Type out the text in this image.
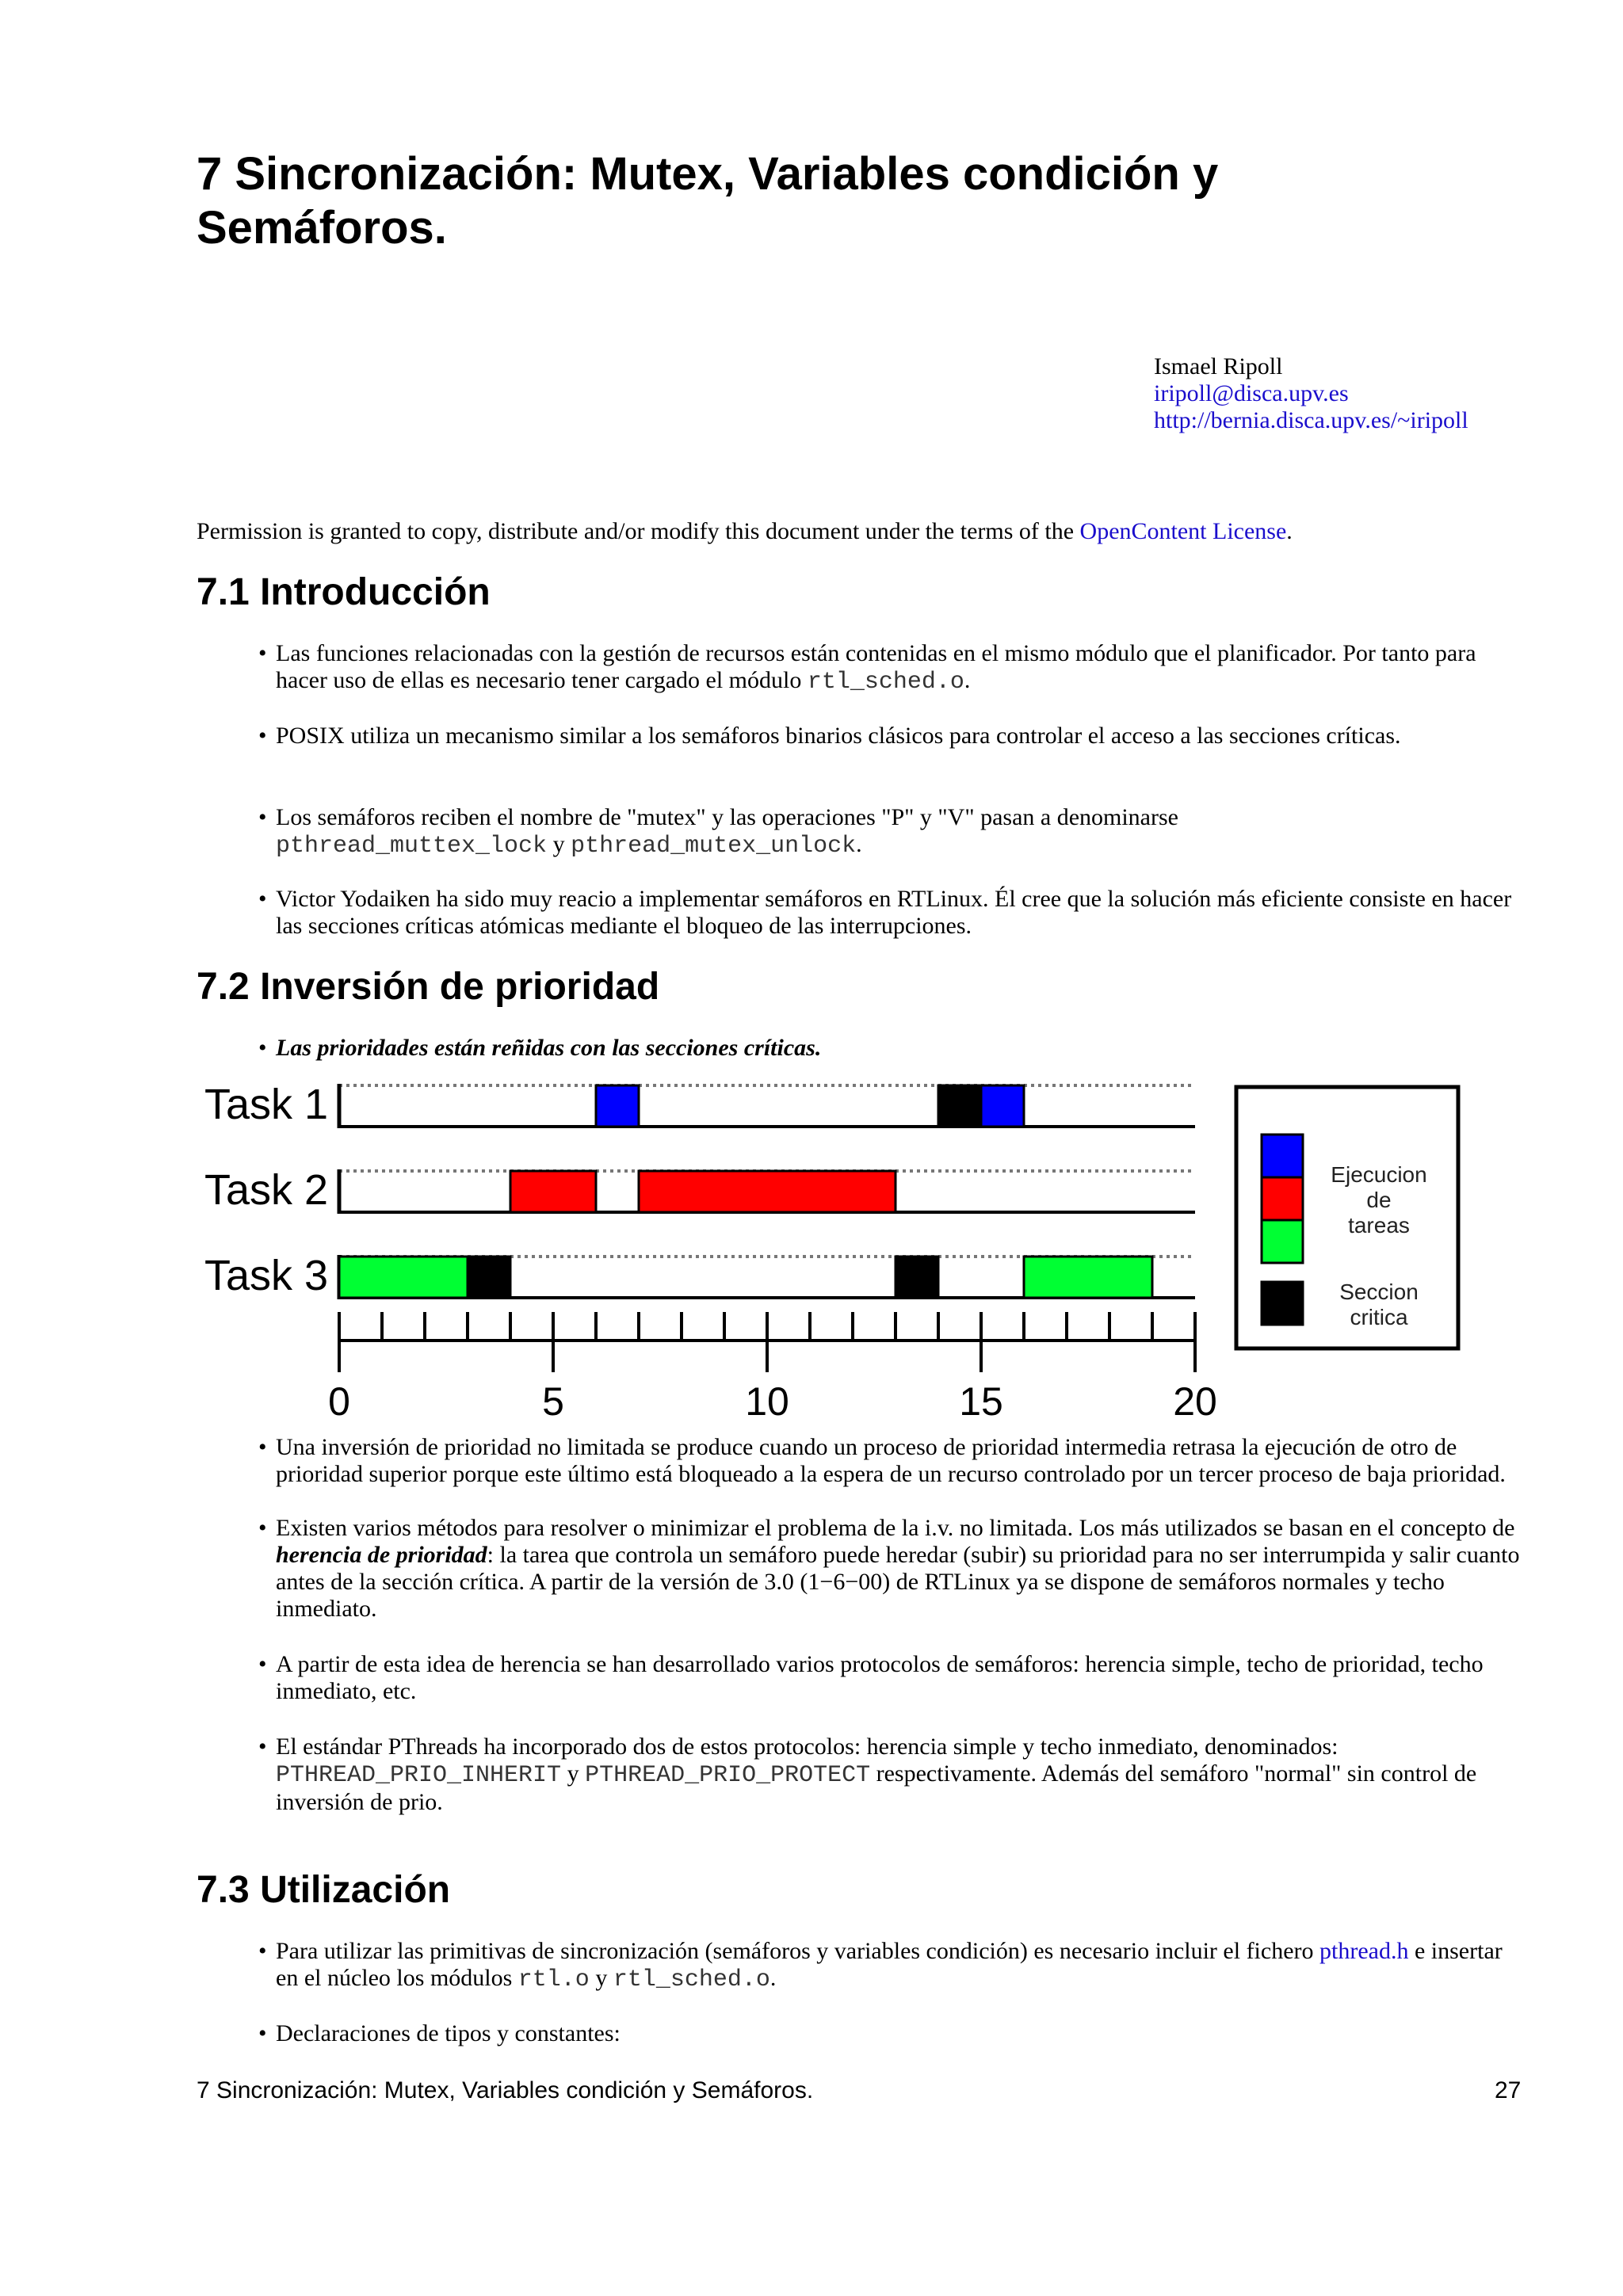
7 Sincronización: Mutex, Variables condición y Semáforos.
Ismael Ripoll
iripoll@disca.upv.es
http://bernia.disca.upv.es/~iripoll
Permission is granted to copy, distribute and/or modify this document under the terms of the OpenContent License.
7.1 Introducción
• Las funciones relacionadas con la gestión de recursos están contenidas en el mismo módulo que el planificador. Por tanto para hacer uso de ellas es necesario tener cargado el módulo rtl_sched.o.

• POSIX utiliza un mecanismo similar a los semáforos binarios clásicos para controlar el acceso a las secciones críticas.

• Los semáforos reciben el nombre de "mutex" y las operaciones "P" y "V" pasan a denominarse
pthread_muttex_lock y pthread_mutex_unlock.

• Victor Yodaiken ha sido muy reacio a implementar semáforos en RTLinux. Él cree que la solución más eficiente consiste en hacer las secciones críticas atómicas mediante el bloqueo de las interrupciones.

7.2 Inversión de prioridad
• Las prioridades están reñidas con las secciones críticas.

Task 1
Task 2
Task 3
0	5	10	15	20
Ejecucion
de
tareas
Seccion
critica
• Una inversión de prioridad no limitada se produce cuando un proceso de prioridad intermedia retrasa la ejecución de otro de prioridad superior porque este último está bloqueado a la espera de un recurso controlado por un tercer proceso de baja prioridad.

• Existen varios métodos para resolver o minimizar el problema de la i.v. no limitada. Los más utilizados se basan en el concepto de herencia de prioridad: la tarea que controla un semáforo puede heredar (subir) su prioridad para no ser interrumpida y salir cuanto antes de la sección crítica. A partir de la versión de 3.0 (1−6−00) de RTLinux ya se dispone de semáforos normales y techo inmediato.

• A partir de esta idea de herencia se han desarrollado varios protocolos de semáforos: herencia simple, techo de prioridad, techo inmediato, etc.

• El estándar PThreads ha incorporado dos de estos protocolos: herencia simple y techo inmediato, denominados: PTHREAD_PRIO_INHERIT y PTHREAD_PRIO_PROTECT respectivamente. Además del semáforo "normal" sin control de inversión de prio.

7.3 Utilización
• Para utilizar las primitivas de sincronización (semáforos y variables condición) es necesario incluir el fichero pthread.h e insertar en el núcleo los módulos rtl.o y rtl_sched.o.

• Declaraciones de tipos y constantes:

7 Sincronización: Mutex, Variables condición y Semáforos.	27
